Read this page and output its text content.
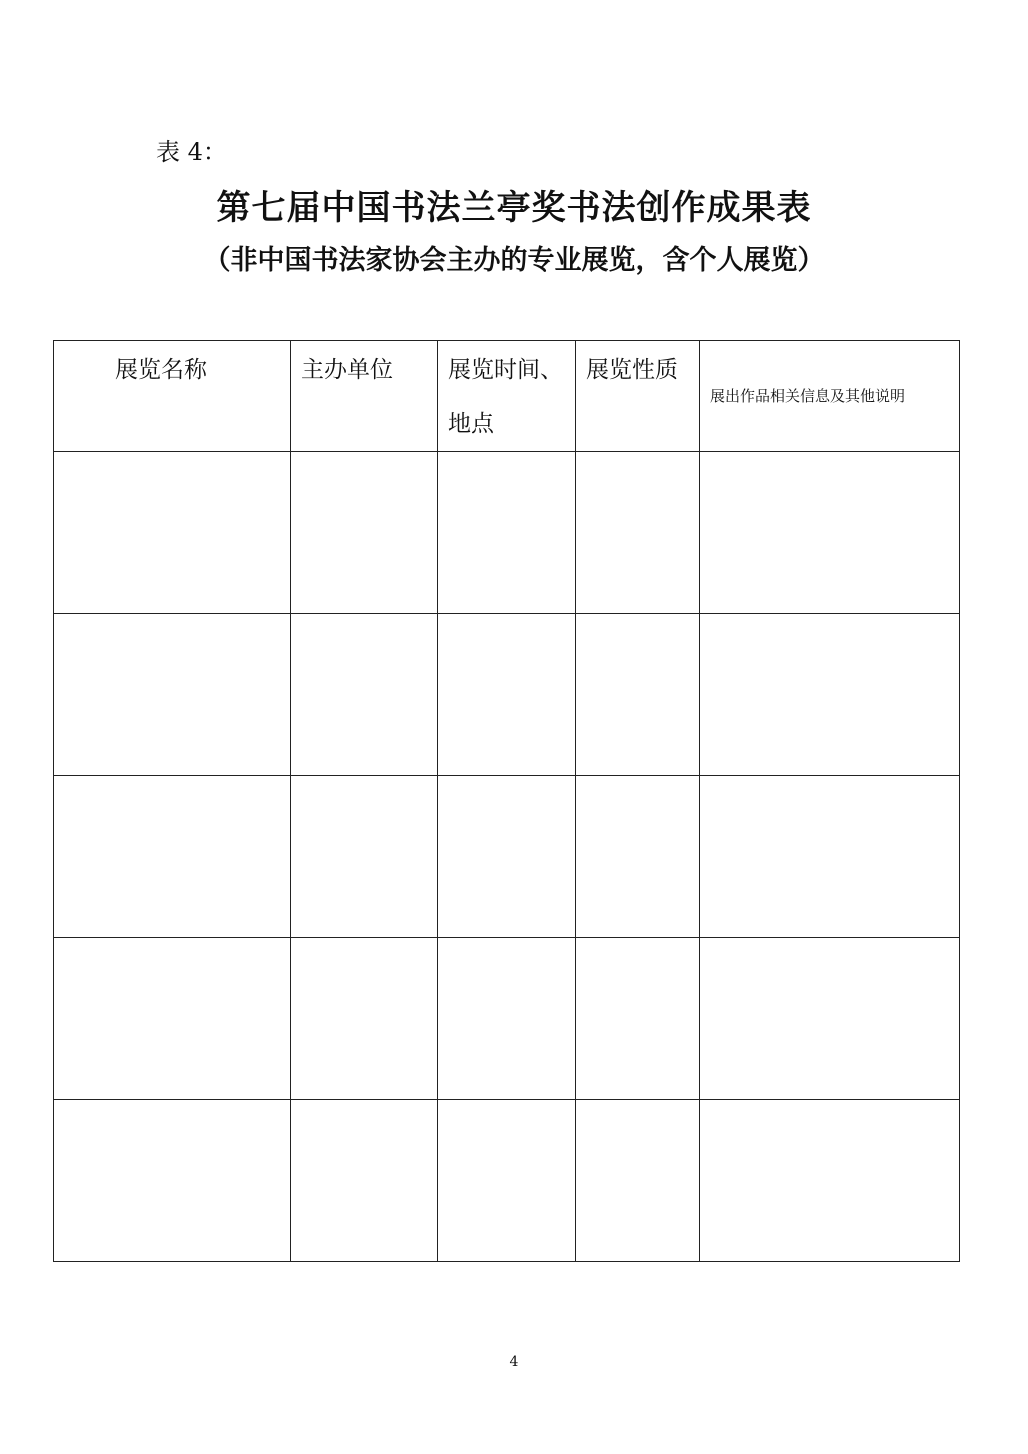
表 4：
第七届中国书法兰亭奖书法创作成果表
（非中国书法家协会主办的专业展览，含个人展览）
展览名称	主办单位	展览时间、地点	展览性质	展出作品相关信息及其他说明

4
